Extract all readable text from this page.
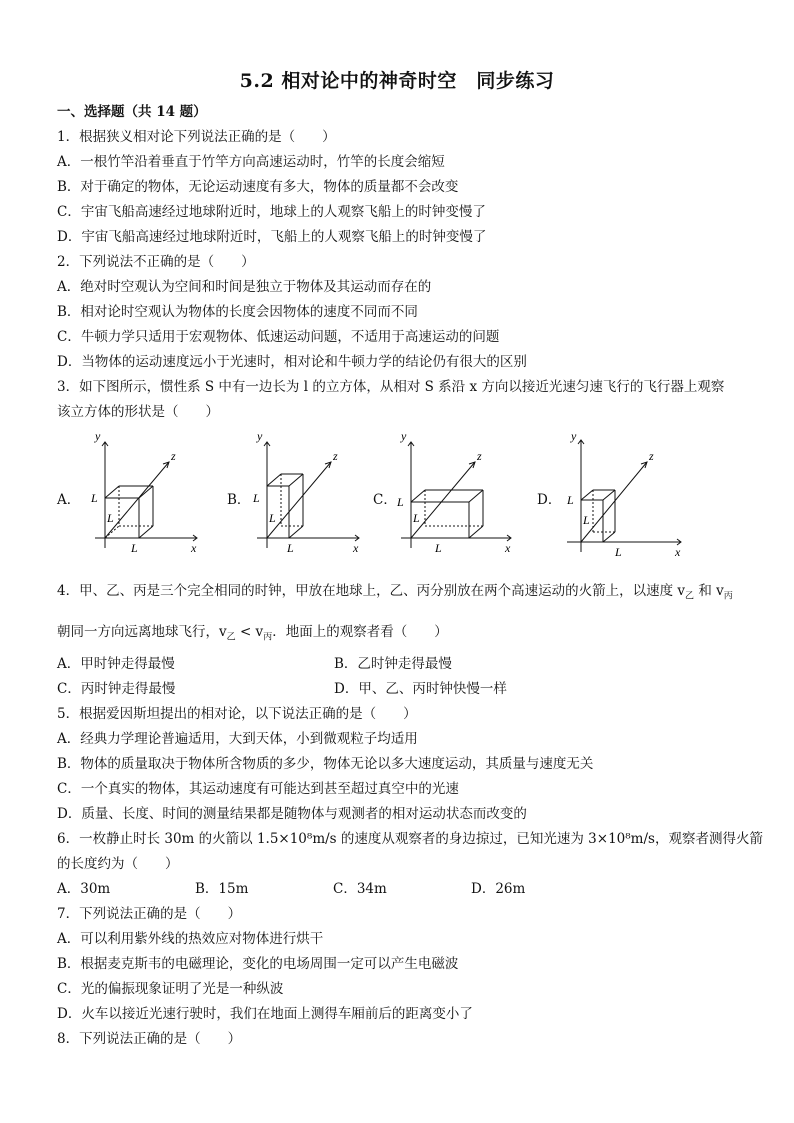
5.2 相对论中的神奇时空　同步练习
一、选择题（共 14 题）
1．根据狭义相对论下列说法正确的是（　　）
A．一根竹竿沿着垂直于竹竿方向高速运动时，竹竿的长度会缩短
B．对于确定的物体，无论运动速度有多大，物体的质量都不会改变
C．宇宙飞船高速经过地球附近时，地球上的人观察飞船上的时钟变慢了
D．宇宙飞船高速经过地球附近时，飞船上的人观察飞船上的时钟变慢了
2．下列说法不正确的是（　　）
A．绝对时空观认为空间和时间是独立于物体及其运动而存在的
B．相对论时空观认为物体的长度会因物体的速度不同而不同
C．牛顿力学只适用于宏观物体、低速运动问题，不适用于高速运动的问题
D．当物体的运动速度远小于光速时，相对论和牛顿力学的结论仍有很大的区别
3．如下图所示，惯性系 S 中有一边长为 l 的立方体，从相对 S 系沿 x 方向以接近光速匀速飞行的飞行器上观察
该立方体的形状是（　　）
A．
y
x
z
L
L
L
B．
y
x
z
L
L
L
C．
y
x
z
L
L
L
D．
y
x
z
L
L
L
4．甲、乙、丙是三个完全相同的时钟，甲放在地球上，乙、丙分别放在两个高速运动的火箭上，以速度 $v_乙$ 和 $v_丙$
朝同一方向远离地球飞行，$v_乙 < v_丙$．地面上的观察者看（　　）
A．甲时钟走得最慢	B．乙时钟走得最慢
C．丙时钟走得最慢	D．甲、乙、丙时钟快慢一样
5．根据爱因斯坦提出的相对论，以下说法正确的是（　　）
A．经典力学理论普遍适用，大到天体，小到微观粒子均适用
B．物体的质量取决于物体所含物质的多少，物体无论以多大速度运动，其质量与速度无关
C．一个真实的物体，其运动速度有可能达到甚至超过真空中的光速
D．质量、长度、时间的测量结果都是随物体与观测者的相对运动状态而改变的
6．一枚静止时长 30m 的火箭以 1.5×10⁸m/s 的速度从观察者的身边掠过，已知光速为 3×10⁸m/s，观察者测得火箭
的长度约为（　　）
A．30m	B．15m	C．34m	D．26m
7．下列说法正确的是（　　）
A．可以利用紫外线的热效应对物体进行烘干
B．根据麦克斯韦的电磁理论，变化的电场周围一定可以产生电磁波
C．光的偏振现象证明了光是一种纵波
D．火车以接近光速行驶时，我们在地面上测得车厢前后的距离变小了
8．下列说法正确的是（　　）
